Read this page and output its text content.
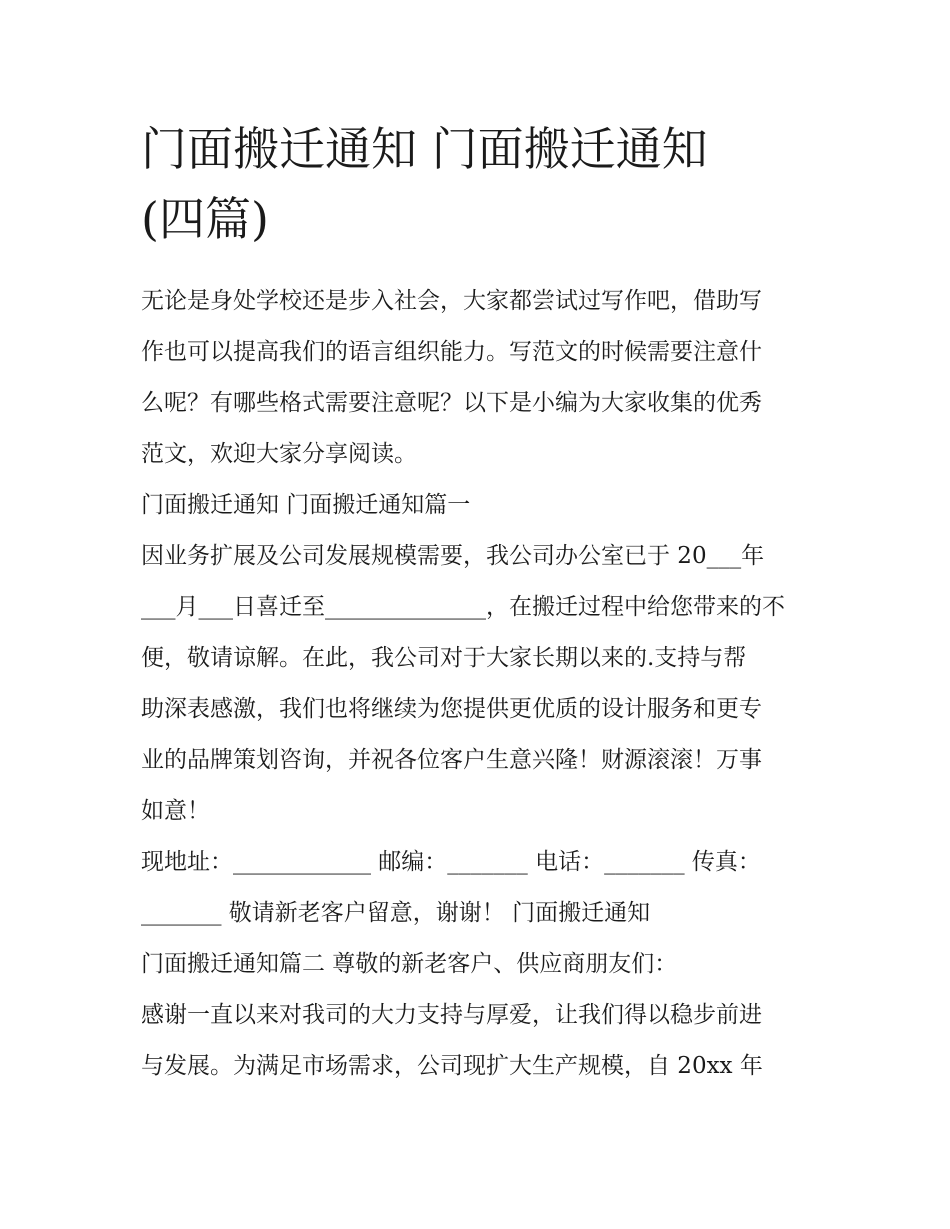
门面搬迁通知 门面搬迁通知
(四篇)
无论是身处学校还是步入社会，大家都尝试过写作吧，借助写
作也可以提高我们的语言组织能力。写范文的时候需要注意什
么呢？有哪些格式需要注意呢？以下是小编为大家收集的优秀
范文，欢迎大家分享阅读。
门面搬迁通知 门面搬迁通知篇一
因业务扩展及公司发展规模需要，我公司办公室已于 20___年
___月___日喜迁至______________，在搬迁过程中给您带来的不
便，敬请谅解。在此，我公司对于大家长期以来的.支持与帮
助深表感激，我们也将继续为您提供更优质的设计服务和更专
业的品牌策划咨询，并祝各位客户生意兴隆！财源滚滚！万事
如意！
现地址：____________ 邮编：_______ 电话：_______ 传真：
_______ 敬请新老客户留意，谢谢！ 门面搬迁通知
门面搬迁通知篇二 尊敬的新老客户、供应商朋友们：
感谢一直以来对我司的大力支持与厚爱，让我们得以稳步前进
与发展。为满足市场需求，公司现扩大生产规模，自 20xx 年
